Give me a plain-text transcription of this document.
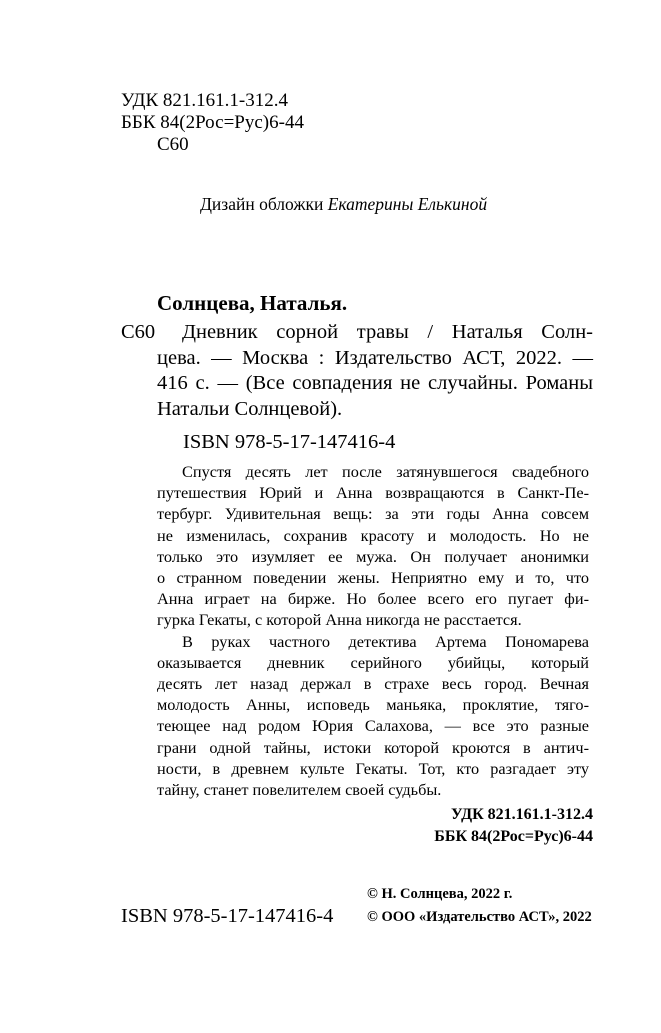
УДК 821.161.1-312.4
ББК 84(2Рос=Рус)6-44
С60
Дизайн обложки Екатерины Елькиной
Солнцева, Наталья.
С60	Дневник сорной травы / Наталья Солн-
цева. — Москва : Издательство АСТ, 2022. —
416 с. — (Все совпадения не случайны. Романы
Натальи Солнцевой).
ISBN 978-5-17-147416-4
Спустя десять лет после затянувшегося свадебного
путешествия Юрий и Анна возвращаются в Санкт-Пе-
тербург. Удивительная вещь: за эти годы Анна совсем
не изменилась, сохранив красоту и молодость. Но не
только это изумляет ее мужа. Он получает анонимки
о странном поведении жены. Неприятно ему и то, что
Анна играет на бирже. Но более всего его пугает фи-
гурка Гекаты, с которой Анна никогда не расстается.
В руках частного детектива Артема Пономарева
оказывается дневник серийного убийцы, который
десять лет назад держал в страхе весь город. Вечная
молодость Анны, исповедь маньяка, проклятие, тяго-
теющее над родом Юрия Салахова, — все это разные
грани одной тайны, истоки которой кроются в антич-
ности, в древнем культе Гекаты. Тот, кто разгадает эту
тайну, станет повелителем своей судьбы.
УДК 821.161.1-312.4
ББК 84(2Рос=Рус)6-44
ISBN 978-5-17-147416-4
© Н. Солнцева, 2022 г.
© ООО «Издательство АСТ», 2022
